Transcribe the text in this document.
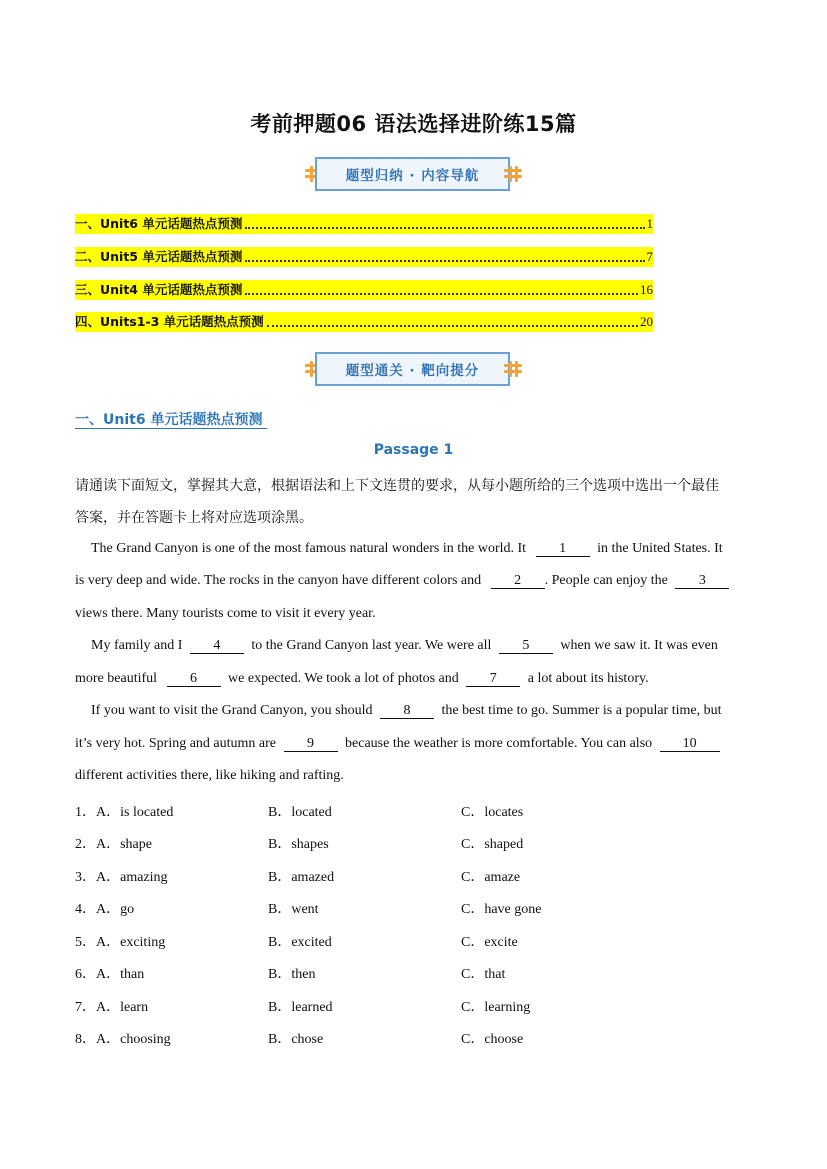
考前押题06 语法选择进阶练15篇
题型归纳 · 内容导航
一、Unit6 单元话题热点预测	1
二、Unit5 单元话题热点预测	7
三、Unit4 单元话题热点预测	16
四、Units1-3 单元话题热点预测	20
题型通关 · 靶向提分
一、Unit6 单元话题热点预测
Passage 1
请通读下面短文，掌握其大意，根据语法和上下文连贯的要求，从每小题所给的三个选项中选出一个最佳
答案，并在答题卡上将对应选项涂黑。
The Grand Canyon is one of the most famous natural wonders in the world. It 1 in the United States. It
is very deep and wide. The rocks in the canyon have different colors and 2 . People can enjoy the 3
views there. Many tourists come to visit it every year.
My family and I 4 to the Grand Canyon last year. We were all 5 when we saw it. It was even
more beautiful 6 we expected. We took a lot of photos and 7 a lot about its history.
If you want to visit the Grand Canyon, you should 8 the best time to go. Summer is a popular time, but
it’s very hot. Spring and autumn are 9 because the weather is more comfortable. You can also 10
different activities there, like hiking and rafting.
1．A．is located	B．located	C．locates
2．A．shape	B．shapes	C．shaped
3．A．amazing	B．amazed	C．amaze
4．A．go	B．went	C．have gone
5．A．exciting	B．excited	C．excite
6．A．than	B．then	C．that
7．A．learn	B．learned	C．learning
8．A．choosing	B．chose	C．choose
